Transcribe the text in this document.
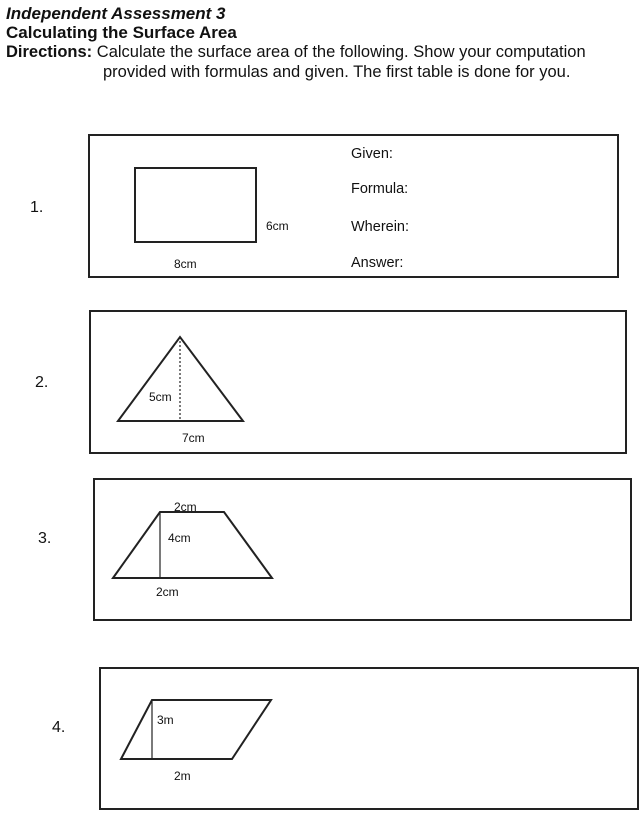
Independent Assessment 3

Calculating the Surface Area

Directions: Calculate the surface area of the following. Show your computation
provided with formulas and given. The first table is done for you.

1.
8cm
6cm
Given:
Formula:
Wherein:
Answer:
2.
5cm
7cm
3.
2cm
4cm
2cm
4.	3m
2m
